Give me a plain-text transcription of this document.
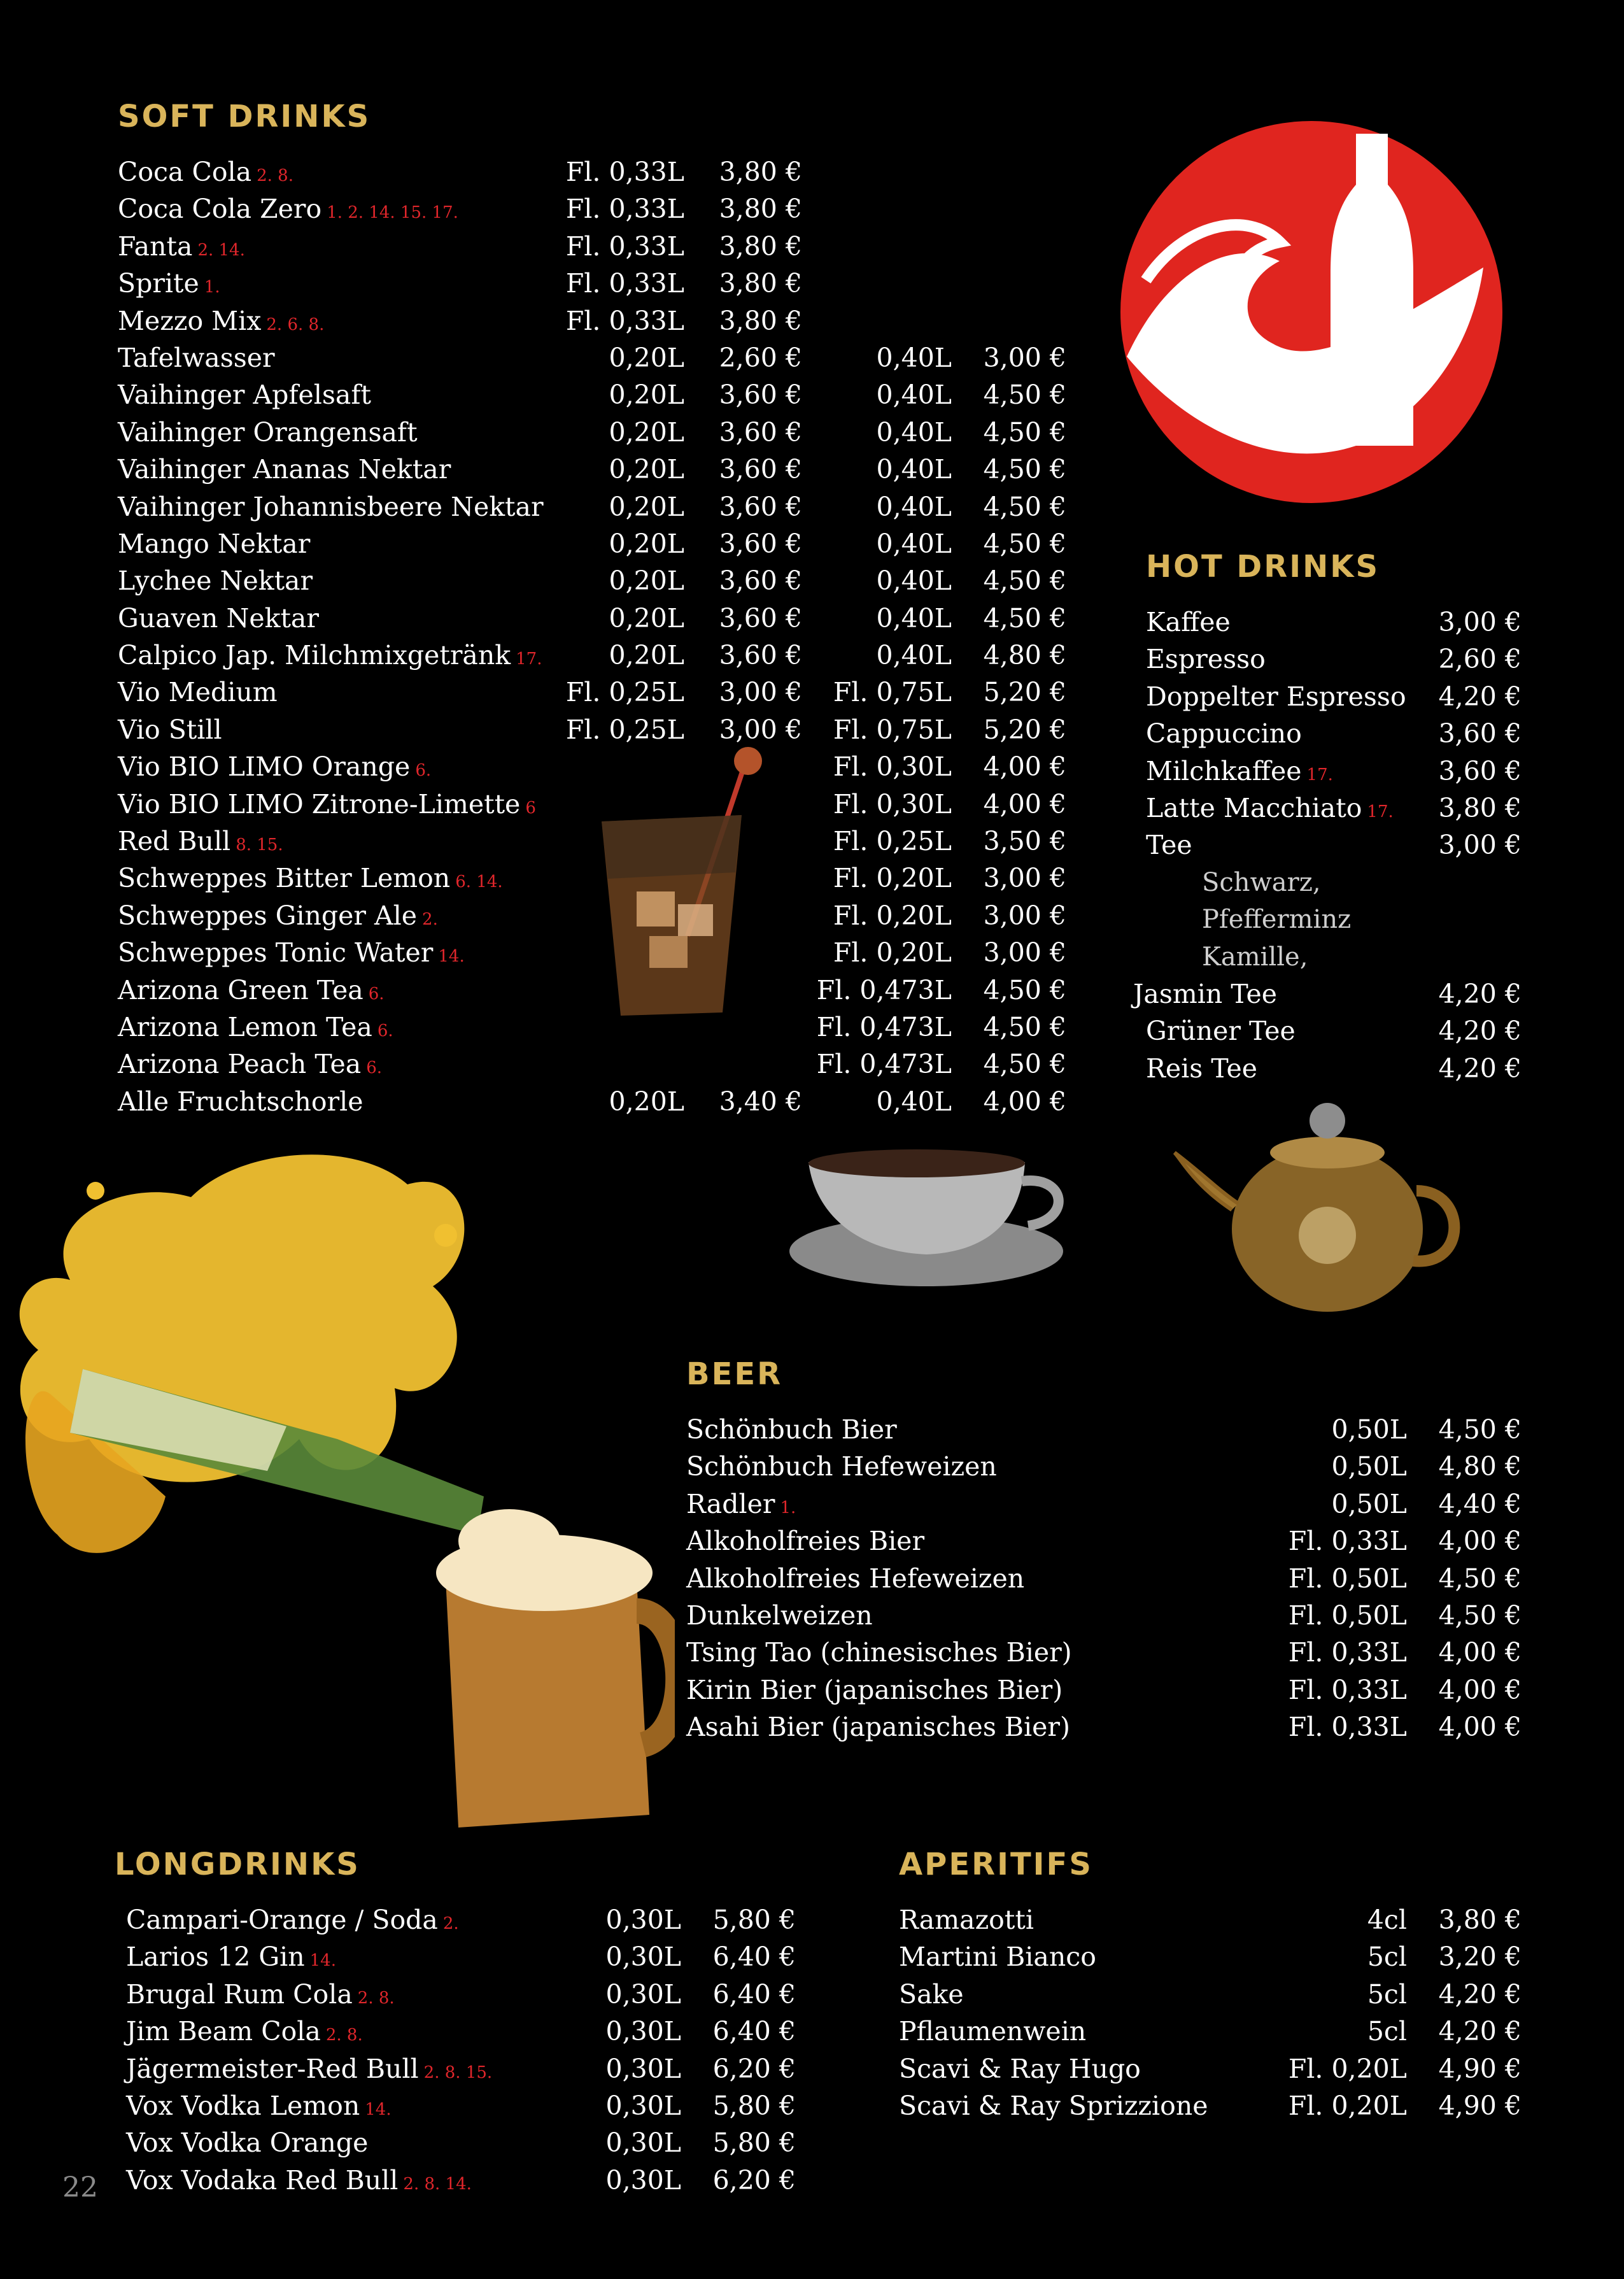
SOFT DRINKS
Coca Cola 2. 8.	Fl. 0,33L 3,80 €
Coca Cola Zero 1. 2. 14. 15. 17.	Fl. 0,33L 3,80 €
Fanta 2. 14.	Fl. 0,33L 3,80 €
Sprite 1.	Fl. 0,33L 3,80 €
Mezzo Mix 2. 6. 8.	Fl. 0,33L 3,80 €
Tafelwasser	0,20L 2,60 €	0,40L 3,00 €
Vaihinger Apfelsaft	0,20L 3,60 €	0,40L 4,50 €
Vaihinger Orangensaft	0,20L 3,60 €	0,40L 4,50 €
Vaihinger Ananas Nektar	0,20L 3,60 €	0,40L 4,50 €
Vaihinger Johannisbeere Nektar	0,20L 3,60 €	0,40L 4,50 €
Mango Nektar	0,20L 3,60 €	0,40L 4,50 €
Lychee Nektar	0,20L 3,60 €	0,40L 4,50 €
Guaven Nektar	0,20L 3,60 €	0,40L 4,50 €
Calpico Jap. Milchmixgetränk 17.	0,20L 3,60 €	0,40L 4,80 €
Vio Medium	Fl. 0,25L 3,00 € Fl. 0,75L 5,20 €
Vio Still	Fl. 0,25L 3,00 € Fl. 0,75L 5,20 €
Vio BIO LIMO Orange 6.	Fl. 0,30L 4,00 €
Vio BIO LIMO Zitrone-Limette 6	Fl. 0,30L 4,00 €
Red Bull 8. 15.	Fl. 0,25L 3,50 €
Schweppes Bitter Lemon 6. 14.	Fl. 0,20L 3,00 €
Schweppes Ginger Ale 2.	Fl. 0,20L 3,00 €
Schweppes Tonic Water 14.	Fl. 0,20L 3,00 €
Arizona Green Tea 6.	Fl. 0,473L 4,50 €
Arizona Lemon Tea 6.	Fl. 0,473L 4,50 €
Arizona Peach Tea 6.	Fl. 0,473L 4,50 €
Alle Fruchtschorle	0,20L 3,40 €	0,40L 4,00 €
HOT DRINKS
Kaffee	3,00 €
Espresso	2,60 €
Doppelter Espresso 4,20 €
Cappuccino	3,60 €
Milchkaffee 17.	3,60 €
Latte Macchiato 17. 3,80 €
Tee	3,00 €
Schwarz,
Pfefferminz
Kamille,
Jasmin Tee	4,20 €
Grüner Tee	4,20 €
Reis Tee	4,20 €
BEER
Schönbuch Bier	0,50L 4,50 €
Schönbuch Hefeweizen	0,50L 4,80 €
Radler 1.	0,50L 4,40 €
Alkoholfreies Bier	Fl. 0,33L 4,00 €
Alkoholfreies Hefeweizen	Fl. 0,50L 4,50 €
Dunkelweizen	Fl. 0,50L 4,50 €
Tsing Tao (chinesisches Bier)	Fl. 0,33L 4,00 €
Kirin Bier (japanisches Bier)	Fl. 0,33L 4,00 €
Asahi Bier (japanisches Bier)	Fl. 0,33L 4,00 €
LONGDRINKS
Campari-Orange / Soda 2.	0,30L 5,80 €
Larios 12 Gin 14.	0,30L 6,40 €
Brugal Rum Cola 2. 8.	0,30L 6,40 €
Jim Beam Cola 2. 8.	0,30L 6,40 €
Jägermeister-Red Bull 2. 8. 15.	0,30L 6,20 €
Vox Vodka Lemon 14.	0,30L 5,80 €
Vox Vodka Orange	0,30L 5,80 €
Vox Vodaka Red Bull 2. 8. 14.	0,30L 6,20 €
APERITIFS
Ramazotti	4cl 3,80 €
Martini Bianco	5cl 3,20 €
Sake	5cl 4,20 €
Pflaumenwein	5cl 4,20 €
Scavi & Ray Hugo	Fl. 0,20L 4,90 €
Scavi & Ray Sprizzione	Fl. 0,20L 4,90 €
22
